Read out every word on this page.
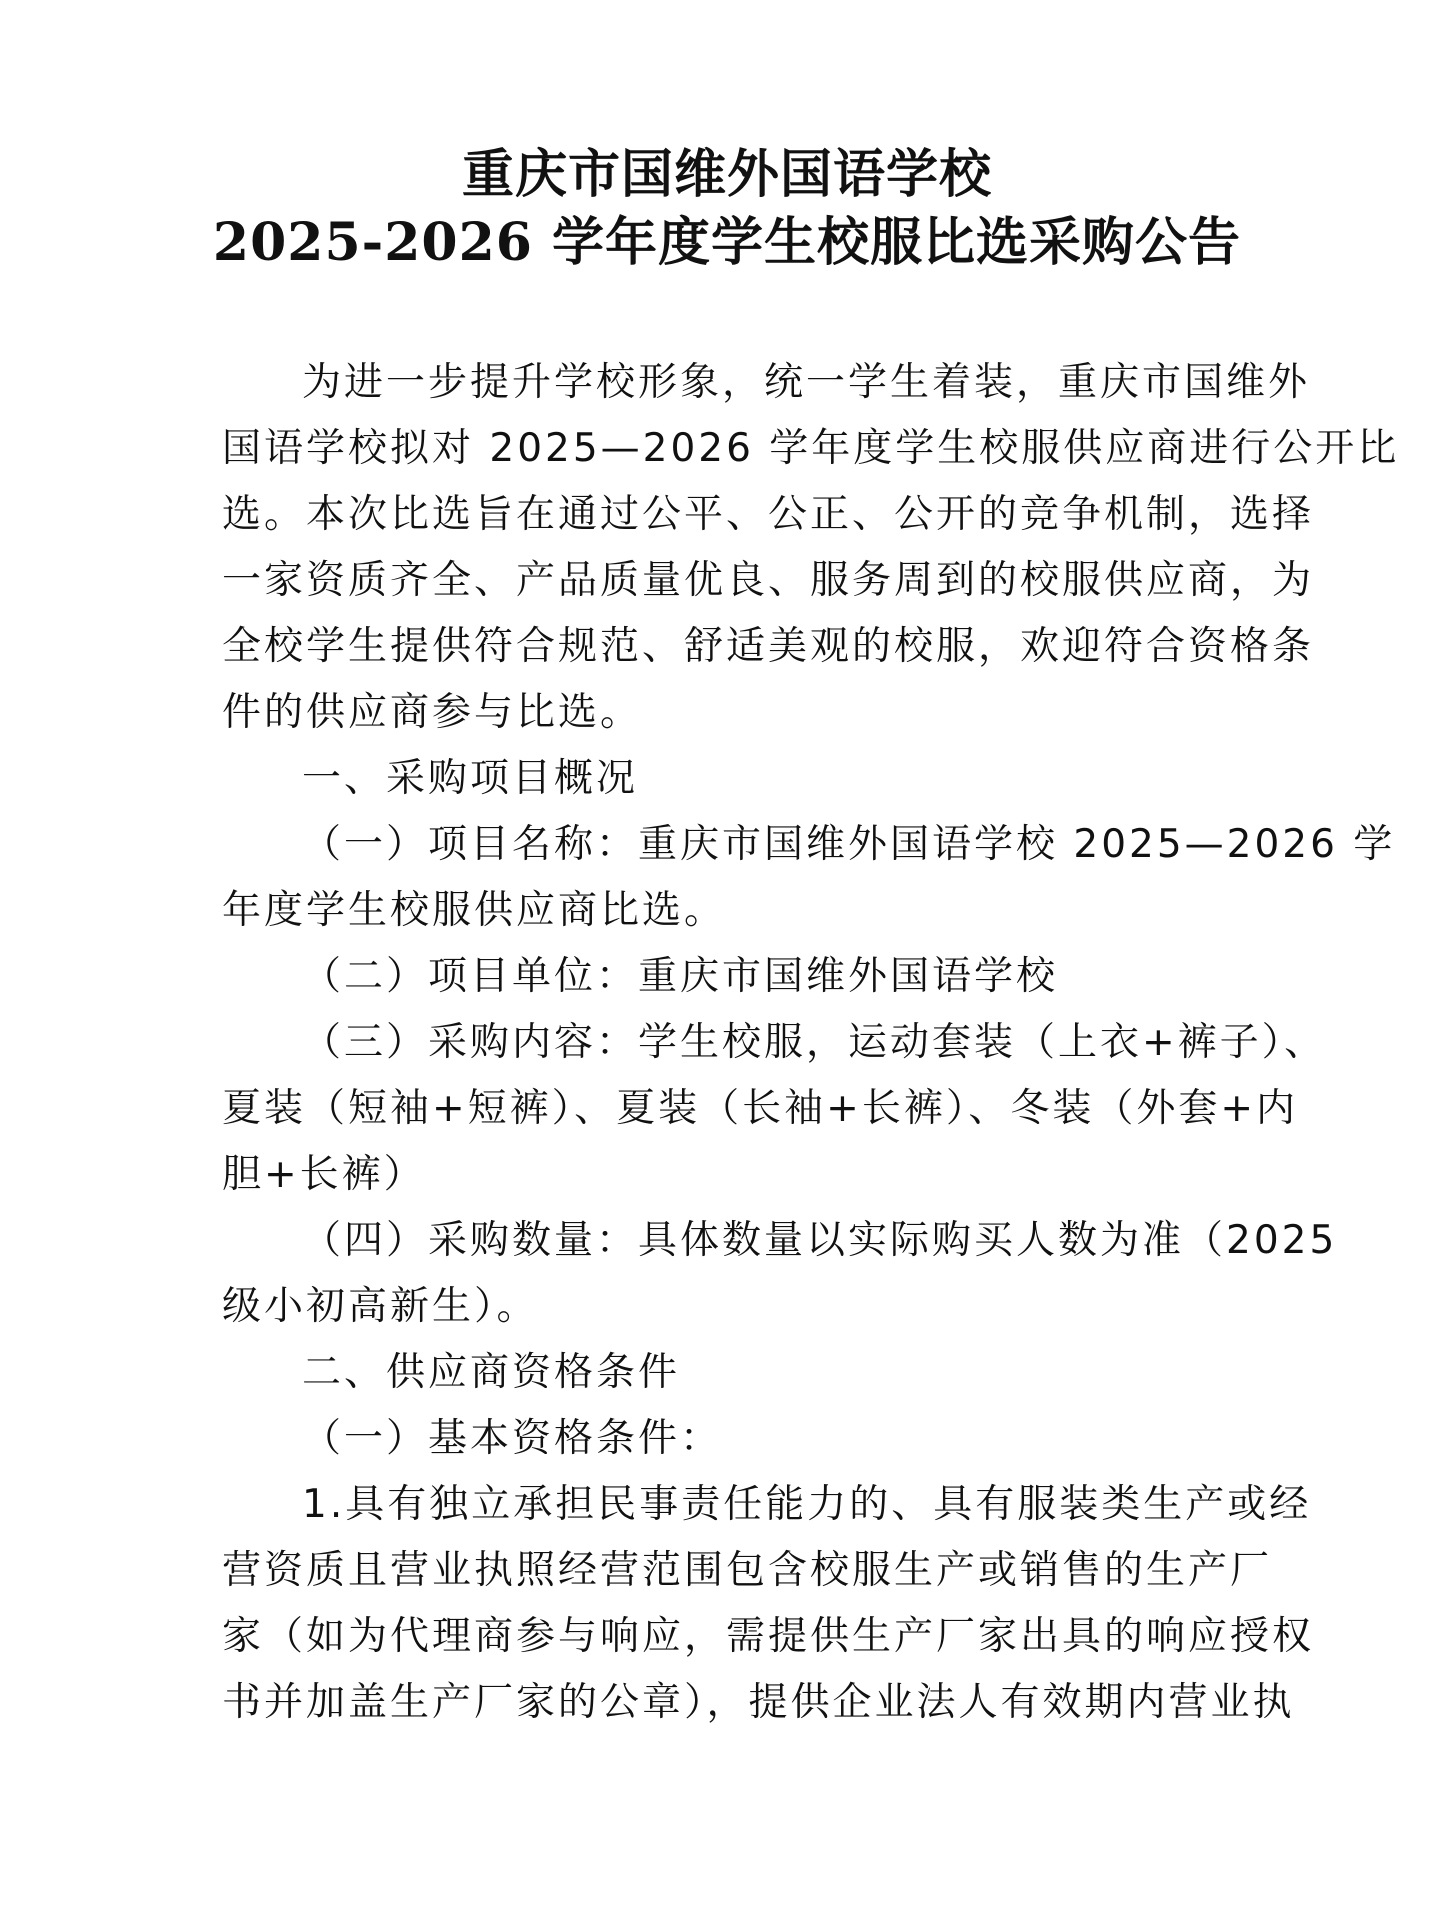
重庆市国维外国语学校
2025-2026 学年度学生校服比选采购公告
为进一步提升学校形象，统一学生着装，重庆市国维外
国语学校拟对 2025—2026 学年度学生校服供应商进行公开比
选。本次比选旨在通过公平、公正、公开的竞争机制，选择
一家资质齐全、产品质量优良、服务周到的校服供应商，为
全校学生提供符合规范、舒适美观的校服，欢迎符合资格条
件的供应商参与比选。
一、采购项目概况
（一）项目名称：重庆市国维外国语学校 2025—2026 学
年度学生校服供应商比选。
（二）项目单位：重庆市国维外国语学校
（三）采购内容：学生校服，运动套装（上衣+裤子）、
夏装（短袖+短裤）、夏装（长袖+长裤）、冬装（外套+内
胆+长裤）
（四）采购数量：具体数量以实际购买人数为准（2025
级小初高新生）。
二、供应商资格条件
（一）基本资格条件：
1.具有独立承担民事责任能力的、具有服装类生产或经
营资质且营业执照经营范围包含校服生产或销售的生产厂
家（如为代理商参与响应，需提供生产厂家出具的响应授权
书并加盖生产厂家的公章），提供企业法人有效期内营业执
